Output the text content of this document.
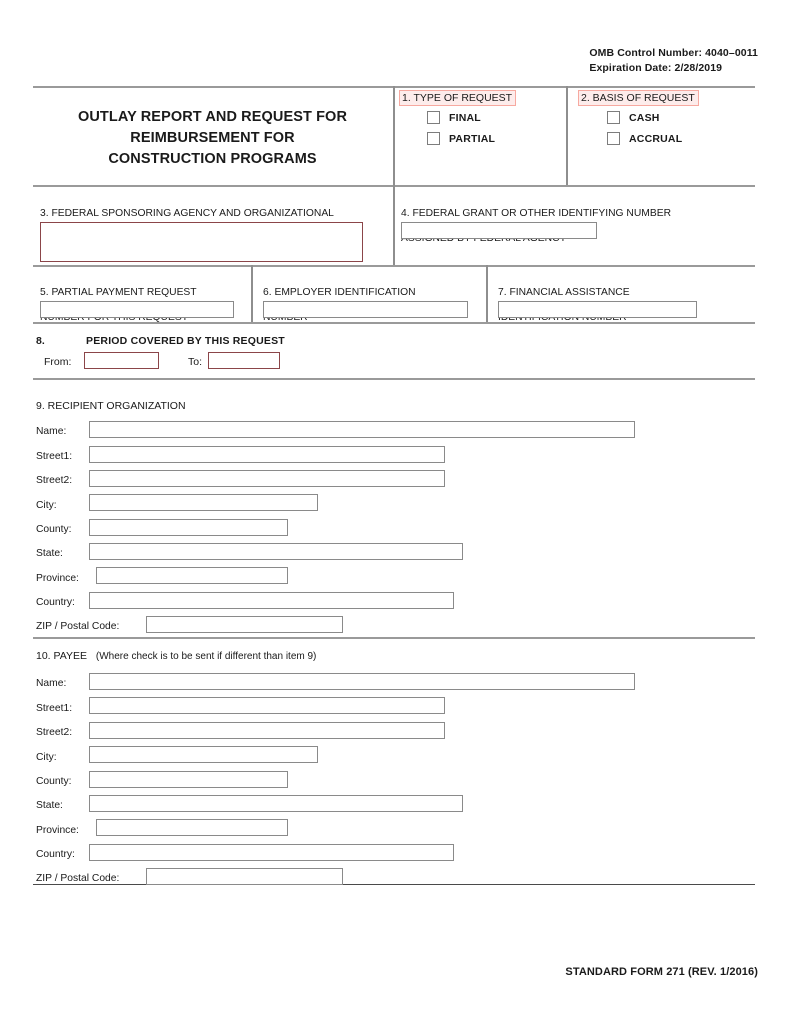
OMB Control Number: 4040–0011
Expiration Date: 2/28/2019
OUTLAY REPORT AND REQUEST FOR
REIMBURSEMENT FOR
CONSTRUCTION PROGRAMS
1. TYPE OF REQUEST
FINAL
PARTIAL
2. BASIS OF REQUEST
CASH
ACCRUAL

3. FEDERAL SPONSORING AGENCY AND ORGANIZATIONAL	4. FEDERAL GRANT OR OTHER IDENTIFYING NUMBER

5. PARTIAL PAYMENT REQUEST	6. EMPLOYER IDENTIFICATION	7. FINANCIAL ASSISTANCE

8.	PERIOD COVERED BY THIS REQUEST
From:	To:
9. RECIPIENT ORGANIZATION
Name:
Street1:
Street2:
City:
County:
State:
Province:
Country:
ZIP / Postal Code:
10. PAYEE (Where check is to be sent if different than item 9)
Name:
Street1:
Street2:
City:
County:
State:
Province:
Country:
ZIP / Postal Code:
STANDARD FORM 271 (REV. 1/2016)
